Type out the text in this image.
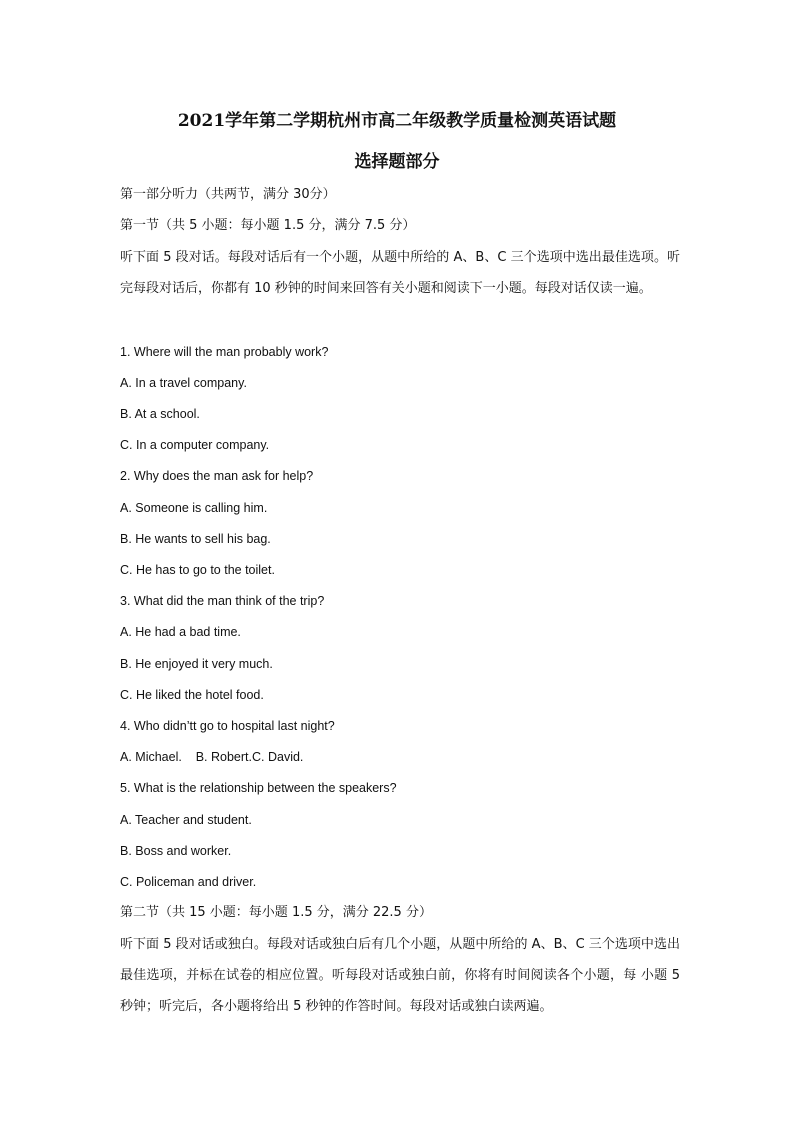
2021学年第二学期杭州市高二年级教学质量检测英语试题
选择题部分
第一部分听力（共两节，满分 30分）
第一节（共 5 小题：每小题 1.5 分，满分 7.5 分）
听下面 5 段对话。每段对话后有一个小题，从题中所给的 A、B、C 三个选项中选出最佳选项。听完每段对话后，你都有 10 秒钟的时间来回答有关小题和阅读下一小题。每段对话仅读一遍。
1. Where will the man probably work?
A. In a travel company.
B. At a school.
C. In a computer company.
2. Why does the man ask for help?
A. Someone is calling him.
B. He wants to sell his bag.
C. He has to go to the toilet.
3. What did the man think of the trip?
A. He had a bad time.
B. He enjoyed it very much.
C. He liked the hotel food.
4. Who didn’tt go to hospital last night?
A. Michael.    B. Robert.C. David.
5. What is the relationship between the speakers?
A. Teacher and student.
B. Boss and worker.
C. Policeman and driver.
第二节（共 15 小题：每小题 1.5 分，满分 22.5 分）
听下面 5 段对话或独白。每段对话或独白后有几个小题，从题中所给的 A、B、C 三个选项中选出最佳选项，并标在试卷的相应位置。听每段对话或独白前，你将有时间阅读各个小题，每 小题 5 秒钟；听完后，各小题将给出 5 秒钟的作答时间。每段对话或独白读两遍。
